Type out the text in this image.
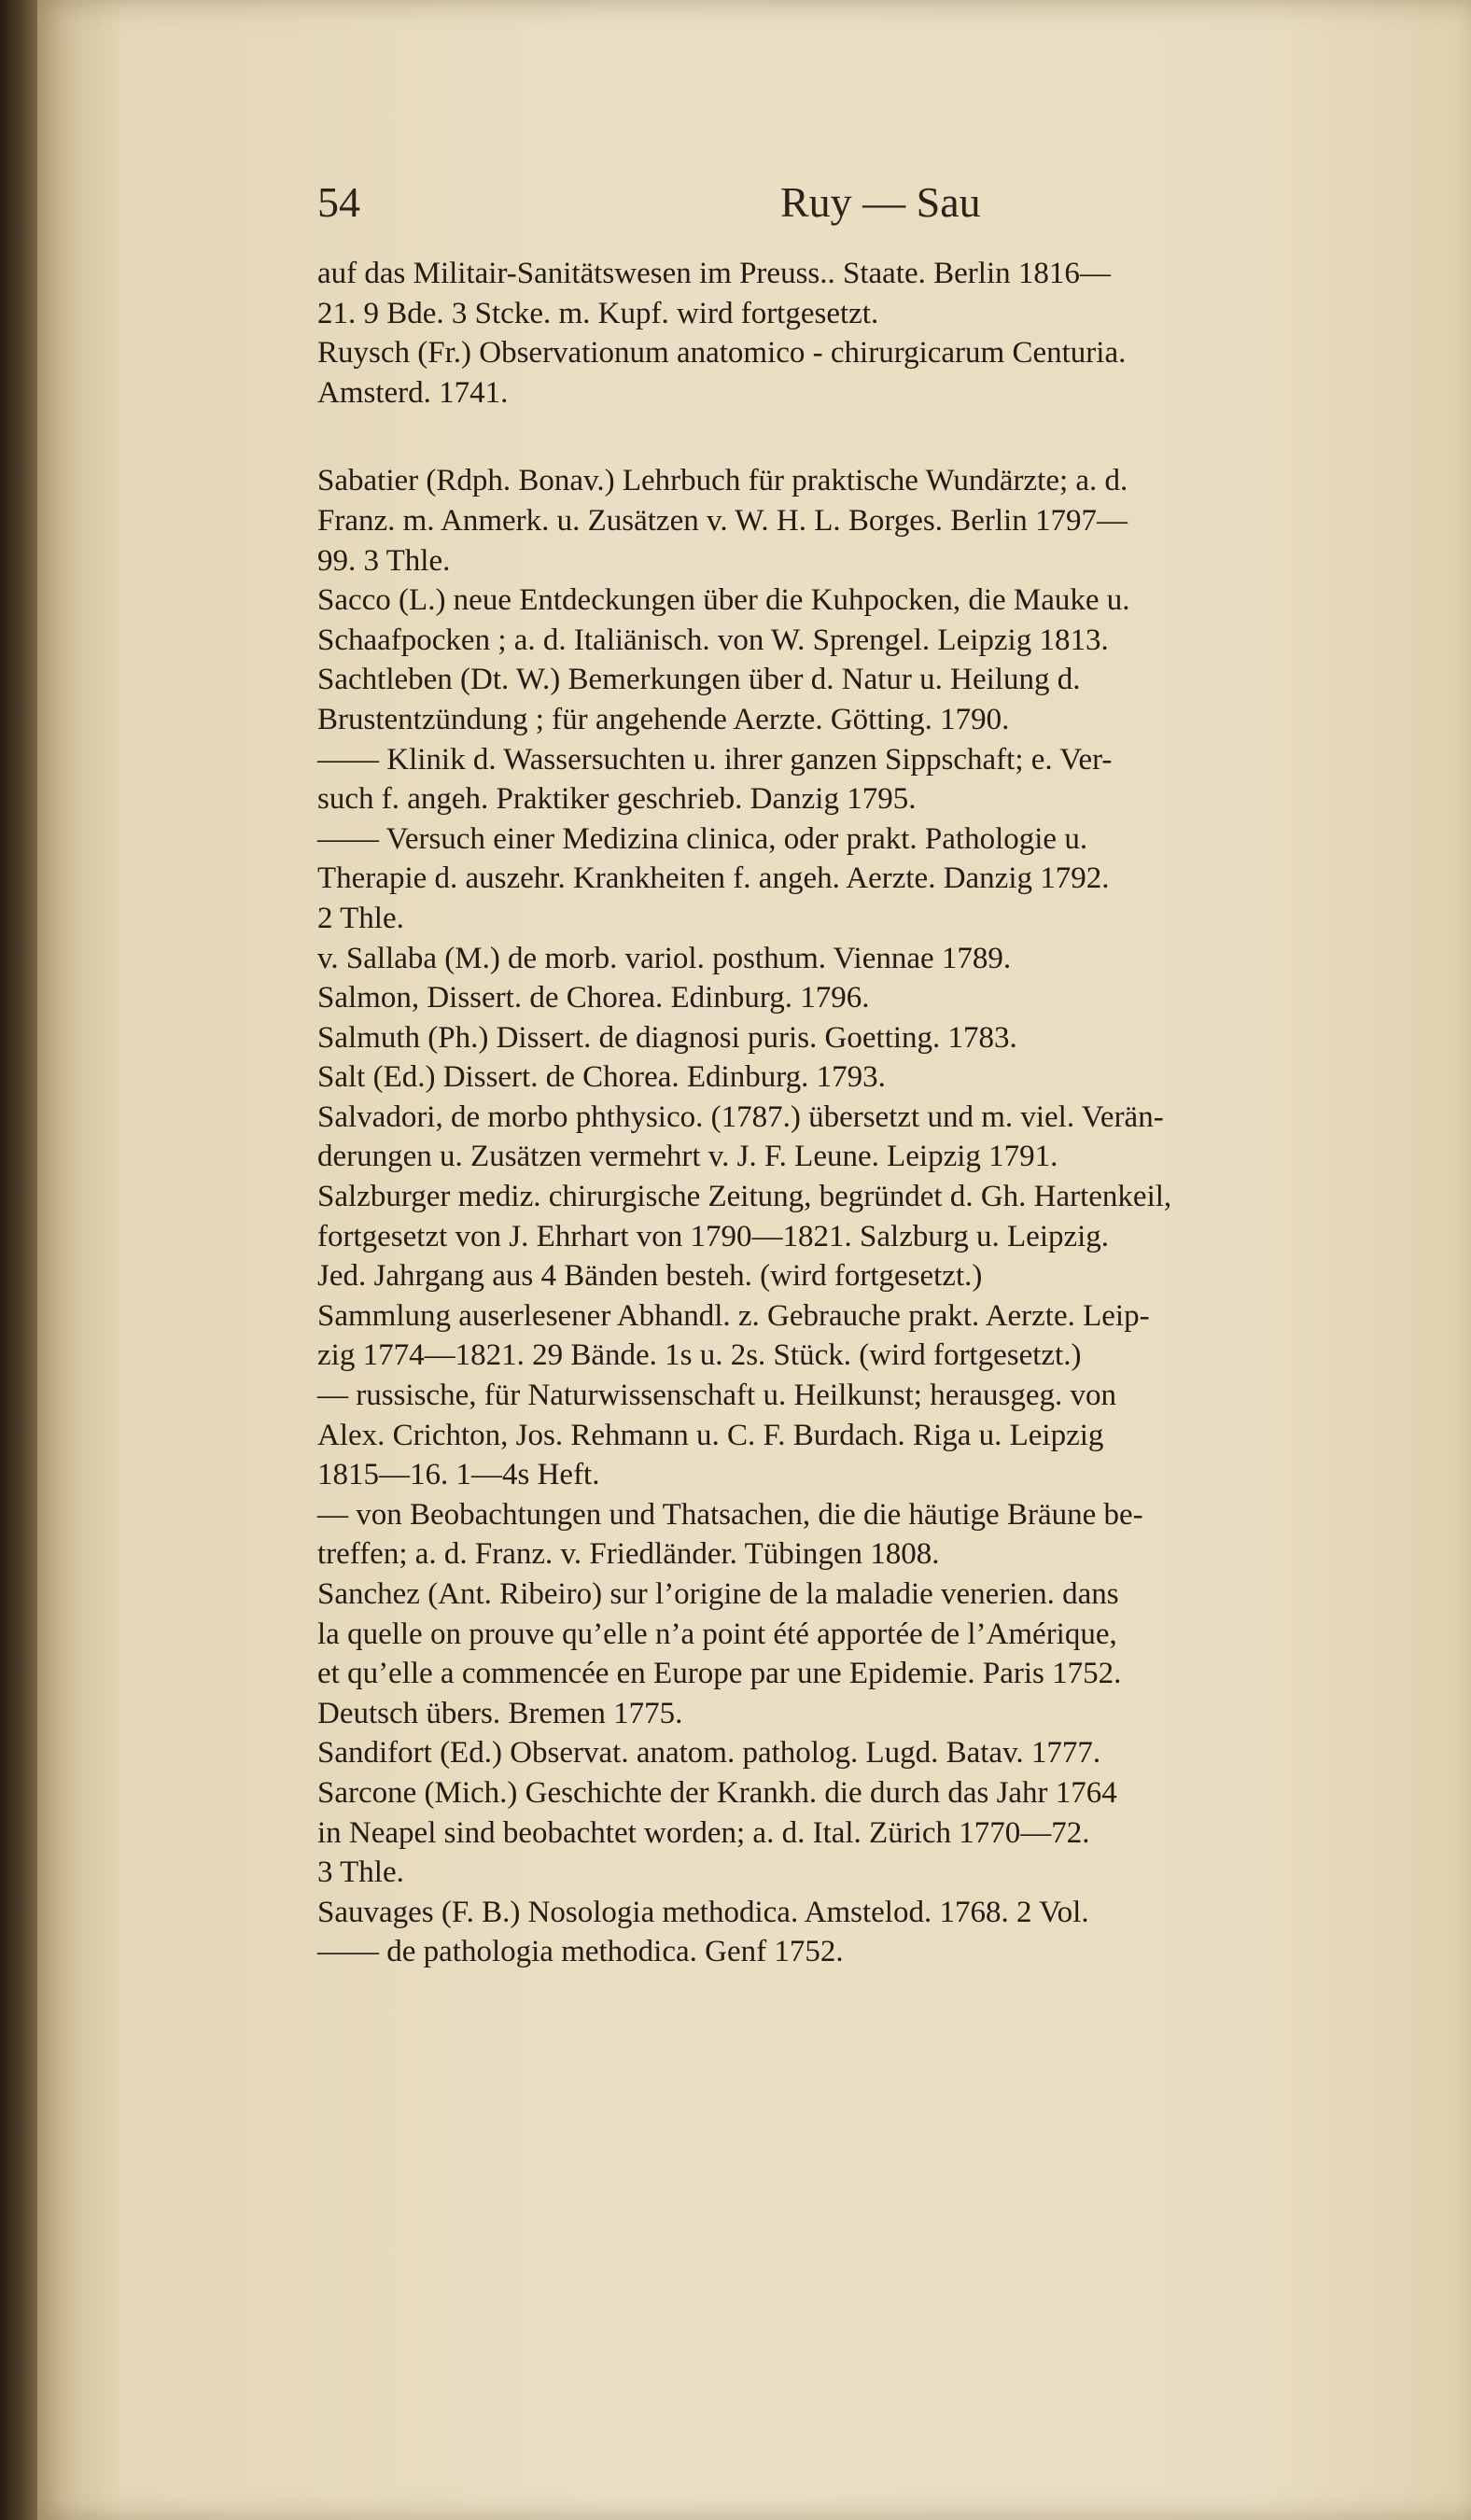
54	Ruy — Sau
auf das Militair-Sanitätswesen im Preuss.. Staate. Berlin 1816—
21. 9 Bde. 3 Stcke. m. Kupf. wird fortgesetzt.
Ruysch (Fr.) Observationum anatomico - chirurgicarum Centuria.
Amsterd. 1741.
Sabatier (Rdph. Bonav.) Lehrbuch für praktische Wundärzte; a. d.
Franz. m. Anmerk. u. Zusätzen v. W. H. L. Borges. Berlin 1797—
99. 3 Thle.
Sacco (L.) neue Entdeckungen über die Kuhpocken, die Mauke u.
Schaafpocken ; a. d. Italiänisch. von W. Sprengel. Leipzig 1813.
Sachtleben (Dt. W.) Bemerkungen über d. Natur u. Heilung d.
Brustentzündung ; für angehende Aerzte. Götting. 1790.
—— Klinik d. Wassersuchten u. ihrer ganzen Sippschaft; e. Ver-
such f. angeh. Praktiker geschrieb. Danzig 1795.
—— Versuch einer Medizina clinica, oder prakt. Pathologie u.
Therapie d. auszehr. Krankheiten f. angeh. Aerzte. Danzig 1792.
2 Thle.
v. Sallaba (M.) de morb. variol. posthum. Viennae 1789.
Salmon, Dissert. de Chorea. Edinburg. 1796.
Salmuth (Ph.) Dissert. de diagnosi puris. Goetting. 1783.
Salt (Ed.) Dissert. de Chorea. Edinburg. 1793.
Salvadori, de morbo phthysico. (1787.) übersetzt und m. viel. Verän-
derungen u. Zusätzen vermehrt v. J. F. Leune. Leipzig 1791.
Salzburger mediz. chirurgische Zeitung, begründet d. Gh. Hartenkeil,
fortgesetzt von J. Ehrhart von 1790—1821. Salzburg u. Leipzig.
Jed. Jahrgang aus 4 Bänden besteh. (wird fortgesetzt.)
Sammlung auserlesener Abhandl. z. Gebrauche prakt. Aerzte. Leip-
zig 1774—1821. 29 Bände. 1s u. 2s. Stück. (wird fortgesetzt.)
— russische, für Naturwissenschaft u. Heilkunst; herausgeg. von
Alex. Crichton, Jos. Rehmann u. C. F. Burdach. Riga u. Leipzig
1815—16. 1—4s Heft.
— von Beobachtungen und Thatsachen, die die häutige Bräune be-
treffen; a. d. Franz. v. Friedländer. Tübingen 1808.
Sanchez (Ant. Ribeiro) sur l’origine de la maladie venerien. dans
la quelle on prouve qu’elle n’a point été apportée de l’Amérique,
et qu’elle a commencée en Europe par une Epidemie. Paris 1752.
Deutsch übers. Bremen 1775.
Sandifort (Ed.) Observat. anatom. patholog. Lugd. Batav. 1777.
Sarcone (Mich.) Geschichte der Krankh. die durch das Jahr 1764
in Neapel sind beobachtet worden; a. d. Ital. Zürich 1770—72.
3 Thle.
Sauvages (F. B.) Nosologia methodica. Amstelod. 1768. 2 Vol.
—— de pathologia methodica. Genf 1752.
